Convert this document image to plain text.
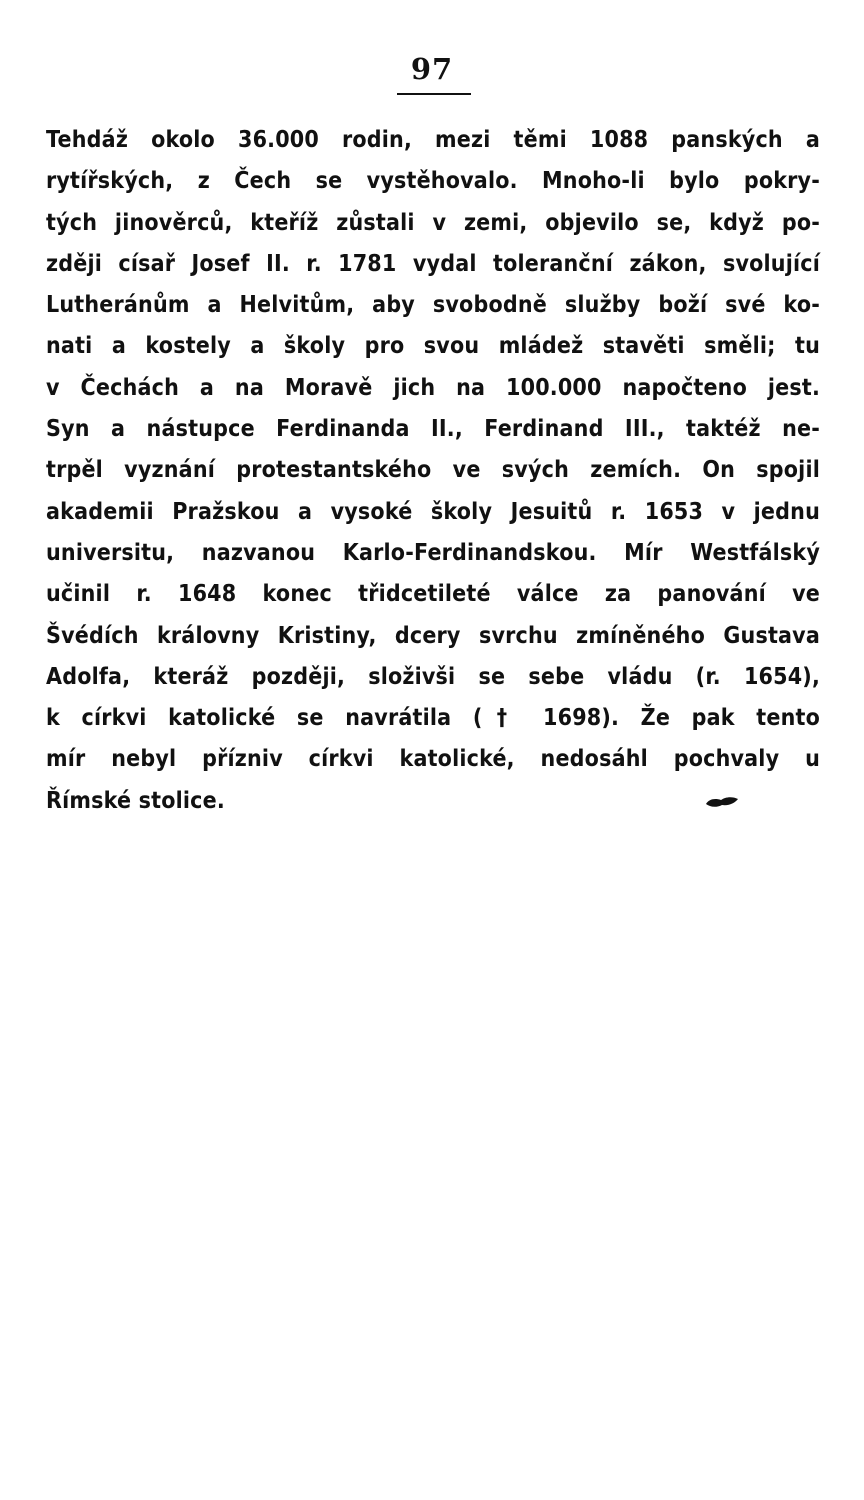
97
Tehdáž okolo 36.000 rodin, mezi těmi 1088 panských a
rytířských, z Čech se vystěhovalo. Mnoho-li bylo pokry-
tých jinověrců, kteříž zůstali v zemi, objevilo se, když po-
zději císař Josef II. r. 1781 vydal toleranční zákon, svolující
Lutheránům a Helvitům, aby svobodně služby boží své ko-
nati a kostely a školy pro svou mládež stavěti směli; tu
v Čechách a na Moravě jich na 100.000 napočteno jest.
Syn a nástupce Ferdinanda II., Ferdinand III., taktéž ne-
trpěl vyznání protestantského ve svých zemích. On spojil
akademii Pražskou a vysoké školy Jesuitů r. 1653 v jednu
universitu, nazvanou Karlo-Ferdinandskou. Mír Westfálský
učinil r. 1648 konec třidcetileté válce za panování ve
Švédích královny Kristiny, dcery svrchu zmíněného Gustava
Adolfa, kteráž později, složivši se sebe vládu (r. 1654),
k církvi katolické se navrátila († 1698). Že pak tento
mír nebyl přízniv církvi katolické, nedosáhl pochvaly u
Římské stolice.
